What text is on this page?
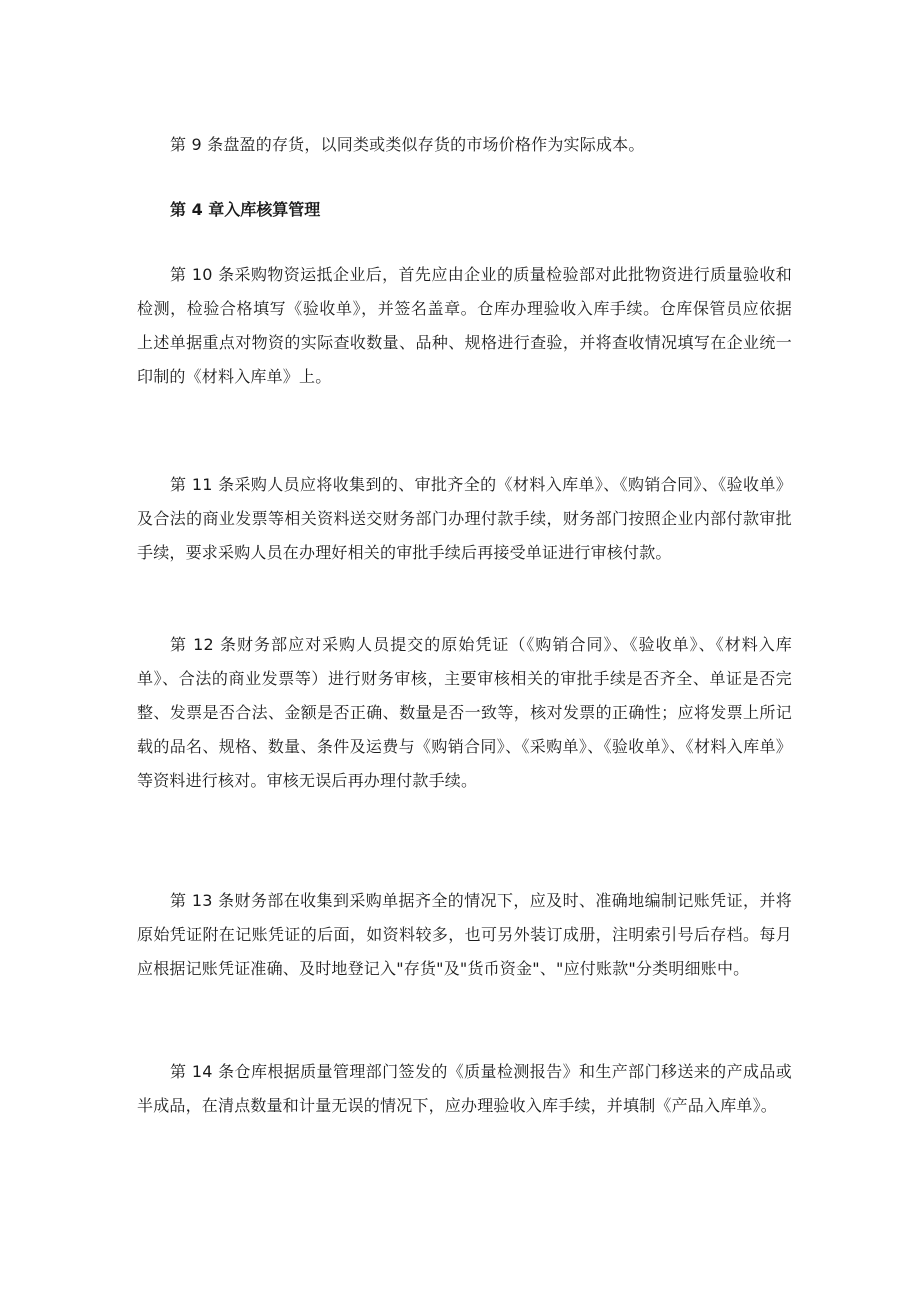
第 9 条盘盈的存货，以同类或类似存货的市场价格作为实际成本。

第 4 章入库核算管理

第 10 条采购物资运抵企业后，首先应由企业的质量检验部对此批物资进行质量验收和检测，检验合格填写《验收单》，并签名盖章。仓库办理验收入库手续。仓库保管员应依据上述单据重点对物资的实际查收数量、品种、规格进行查验，并将查收情况填写在企业统一印制的《材料入库单》上。

第 11 条采购人员应将收集到的、审批齐全的《材料入库单》、《购销合同》、《验收单》及合法的商业发票等相关资料送交财务部门办理付款手续，财务部门按照企业内部付款审批手续，要求采购人员在办理好相关的审批手续后再接受单证进行审核付款。

第 12 条财务部应对采购人员提交的原始凭证（《购销合同》、《验收单》、《材料入库单》、合法的商业发票等）进行财务审核，主要审核相关的审批手续是否齐全、单证是否完整、发票是否合法、金额是否正确、数量是否一致等，核对发票的正确性；应将发票上所记载的品名、规格、数量、条件及运费与《购销合同》、《采购单》、《验收单》、《材料入库单》等资料进行核对。审核无误后再办理付款手续。

第 13 条财务部在收集到采购单据齐全的情况下，应及时、准确地编制记账凭证，并将原始凭证附在记账凭证的后面，如资料较多，也可另外装订成册，注明索引号后存档。每月应根据记账凭证准确、及时地登记入"存货"及"货币资金"、"应付账款"分类明细账中。

第 14 条仓库根据质量管理部门签发的《质量检测报告》和生产部门移送来的产成品或半成品，在清点数量和计量无误的情况下，应办理验收入库手续，并填制《产品入库单》。
